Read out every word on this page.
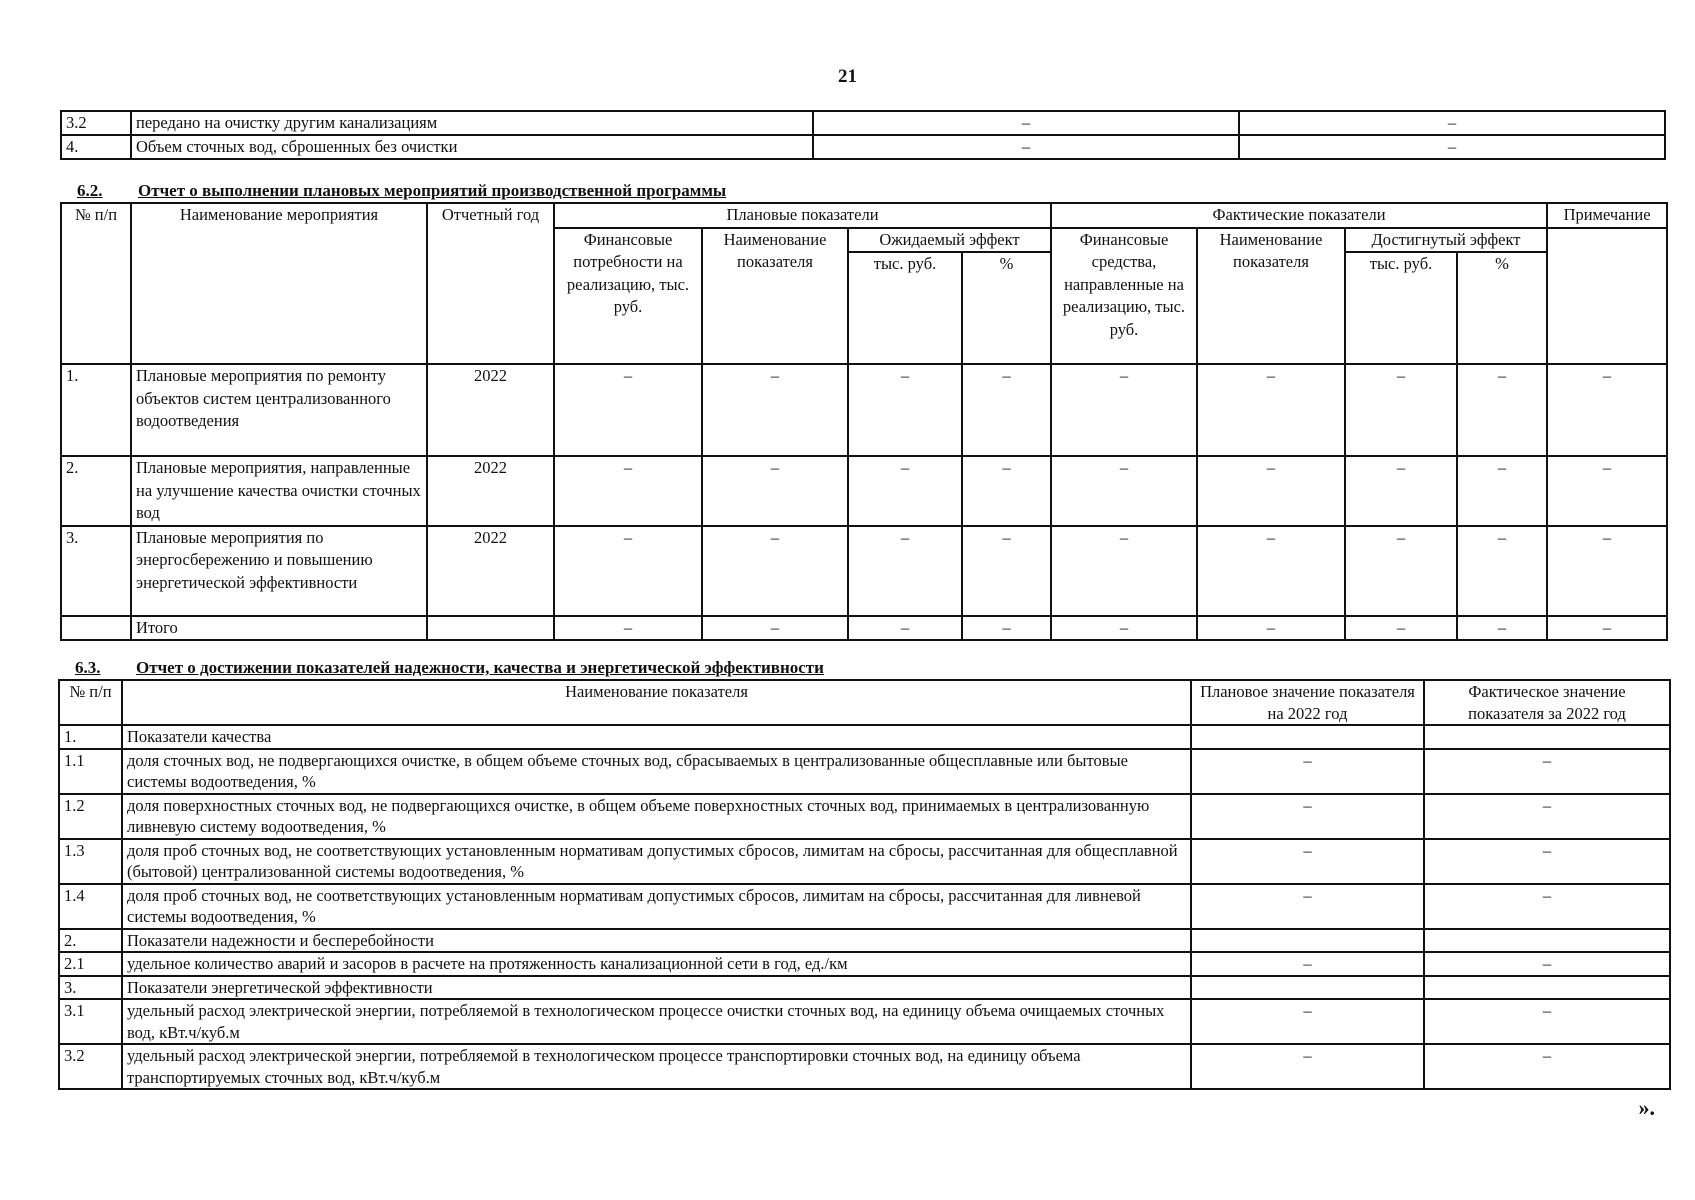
21
3.2	передано на очистку другим канализациям	–	–
4.	Объем сточных вод, сброшенных без очистки	–	–
6.2. Отчет о выполнении плановых мероприятий производственной программы
№ п/п	Наименование мероприятия	Отчетный год	Плановые показатели				Фактические показатели				Примечание
			Финансовые потребности на реализацию, тыс. руб.	Наименование показателя	Ожидаемый эффект		Финансовые средства, направленные на реализацию, тыс. руб.	Наименование показателя	Достигнутый эффект		
					тыс. руб.	%			тыс. руб.	%	
1.	Плановые мероприятия по ремонту объектов систем централизованного водоотведения	2022	–	–	–	–	–	–	–	–	–
2.	Плановые мероприятия, направленные на улучшение качества очистки сточных вод	2022	–	–	–	–	–	–	–	–	–
3.	Плановые мероприятия по энергосбережению и повышению энергетической эффективности	2022	–	–	–	–	–	–	–	–	–
	Итого		–	–	–	–	–	–	–	–	–
6.3. Отчет о достижении показателей надежности, качества и энергетической эффективности
№ п/п	Наименование показателя	Плановое значение показателя на 2022 год	Фактическое значение показателя за 2022 год
1.	Показатели качества		
1.1	доля сточных вод, не подвергающихся очистке, в общем объеме сточных вод, сбрасываемых в централизованные общесплавные или бытовые системы водоотведения, %	–	–
1.2	доля поверхностных сточных вод, не подвергающихся очистке, в общем объеме поверхностных сточных вод, принимаемых в централизованную ливневую систему водоотведения, %	–	–
1.3	доля проб сточных вод, не соответствующих установленным нормативам допустимых сбросов, лимитам на сбросы, рассчитанная для общесплавной (бытовой) централизованной системы водоотведения, %	–	–
1.4	доля проб сточных вод, не соответствующих установленным нормативам допустимых сбросов, лимитам на сбросы, рассчитанная для ливневой системы водоотведения, %	–	–
2.	Показатели надежности и бесперебойности		
2.1	удельное количество аварий и засоров в расчете на протяженность канализационной сети в год, ед./км	–	–
3.	Показатели энергетической эффективности		
3.1	удельный расход электрической энергии, потребляемой в технологическом процессе очистки сточных вод, на единицу объема очищаемых сточных вод, кВт.ч/куб.м	–	–
3.2	удельный расход электрической энергии, потребляемой в технологическом процессе транспортировки сточных вод, на единицу объема транспортируемых сточных вод, кВт.ч/куб.м	–	–
».
